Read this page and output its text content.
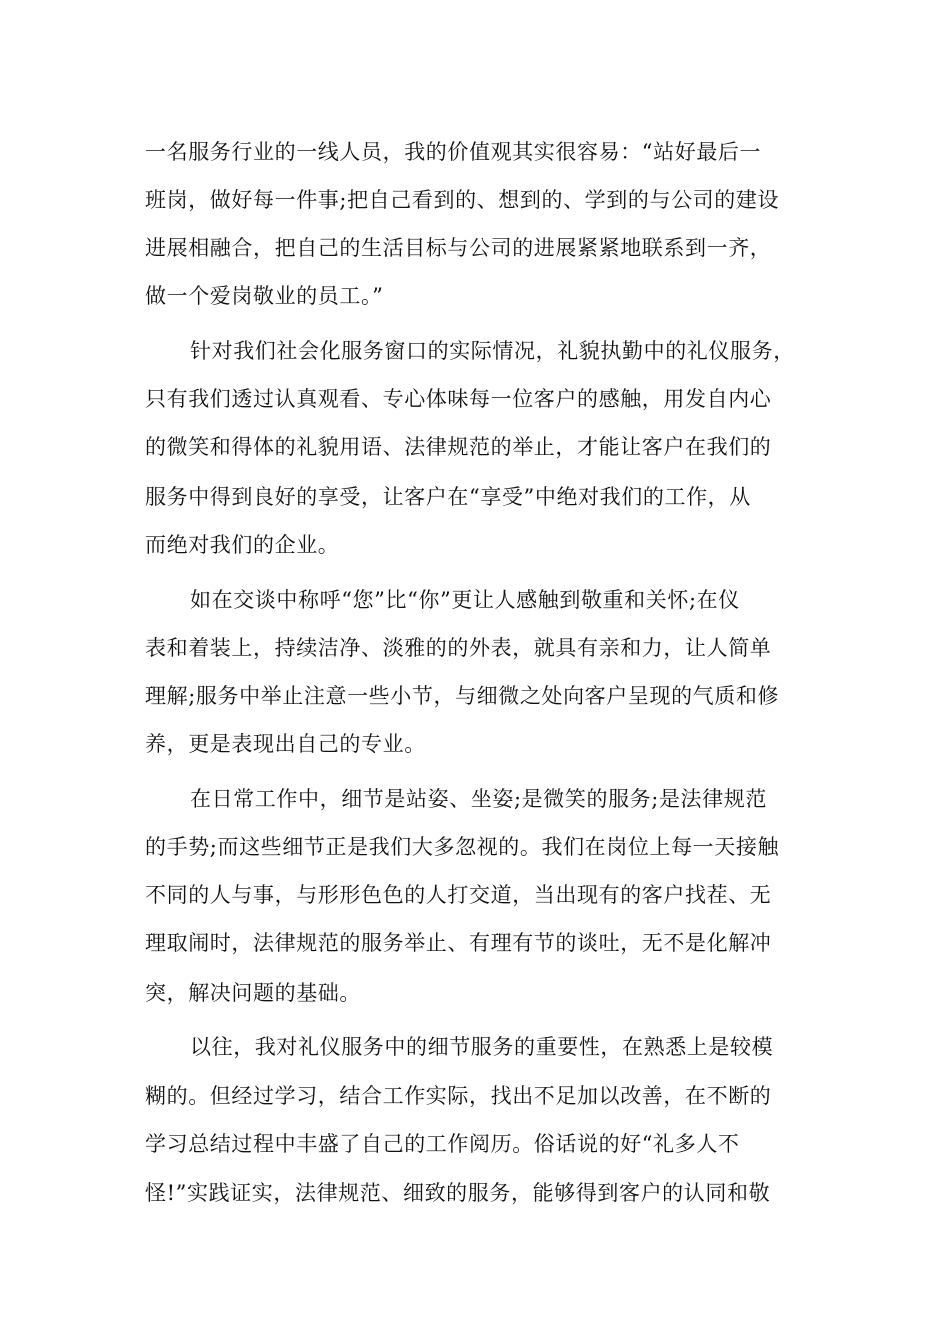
一名服务行业的一线人员，我的价值观其实很容易：“站好最后一
班岗，做好每一件事;把自己看到的、想到的、学到的与公司的建设
进展相融合，把自己的生活目标与公司的进展紧紧地联系到一齐，
做一个爱岗敬业的员工。”
针对我们社会化服务窗口的实际情况，礼貌执勤中的礼仪服务，
只有我们透过认真观看、专心体味每一位客户的感触，用发自内心
的微笑和得体的礼貌用语、法律规范的举止，才能让客户在我们的
服务中得到良好的享受，让客户在“享受”中绝对我们的工作，从
而绝对我们的企业。
如在交谈中称呼“您”比“你”更让人感触到敬重和关怀;在仪
表和着装上，持续洁净、淡雅的的外表，就具有亲和力，让人简单
理解;服务中举止注意一些小节，与细微之处向客户呈现的气质和修
养，更是表现出自己的专业。
在日常工作中，细节是站姿、坐姿;是微笑的服务;是法律规范
的手势;而这些细节正是我们大多忽视的。我们在岗位上每一天接触
不同的人与事，与形形色色的人打交道，当出现有的客户找茬、无
理取闹时，法律规范的服务举止、有理有节的谈吐，无不是化解冲
突，解决问题的基础。
以往，我对礼仪服务中的细节服务的重要性，在熟悉上是较模
糊的。但经过学习，结合工作实际，找出不足加以改善，在不断的
学习总结过程中丰盛了自己的工作阅历。俗话说的好“礼多人不
怪!”实践证实，法律规范、细致的服务，能够得到客户的认同和敬
